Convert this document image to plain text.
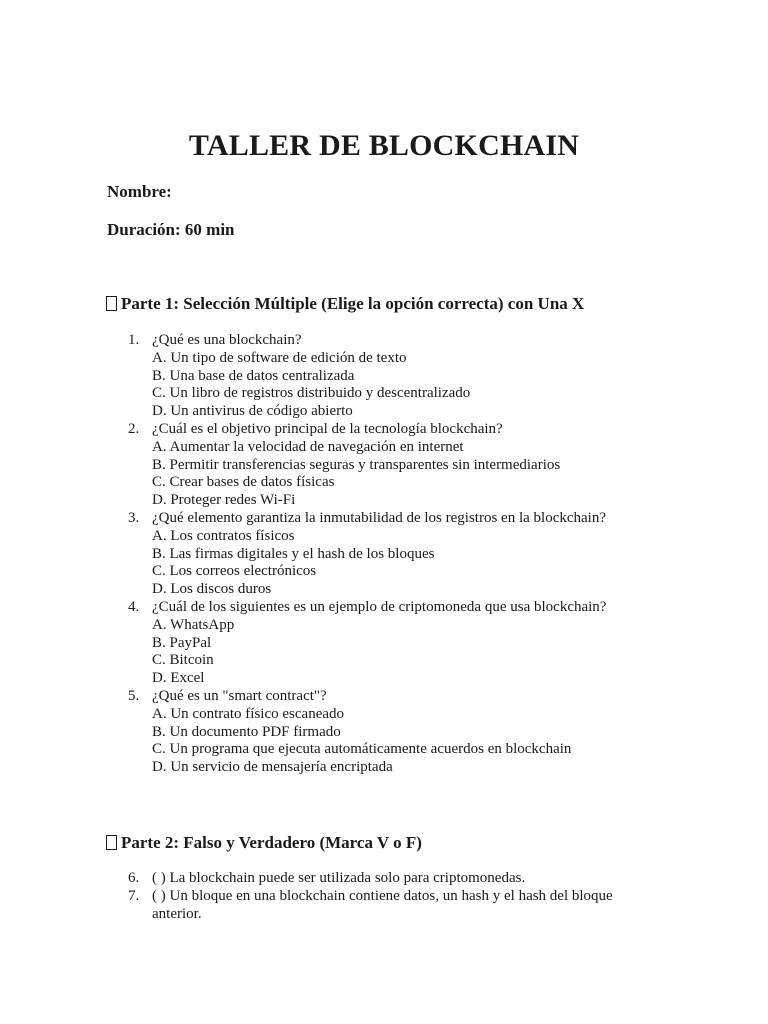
TALLER DE BLOCKCHAIN
Nombre:
Duración: 60 min
Parte 1: Selección Múltiple (Elige la opción correcta) con Una X
1. ¿Qué es una blockchain?
A. Un tipo de software de edición de texto
B. Una base de datos centralizada
C. Un libro de registros distribuido y descentralizado
D. Un antivirus de código abierto
2. ¿Cuál es el objetivo principal de la tecnología blockchain?
A. Aumentar la velocidad de navegación en internet
B. Permitir transferencias seguras y transparentes sin intermediarios
C. Crear bases de datos físicas
D. Proteger redes Wi-Fi
3. ¿Qué elemento garantiza la inmutabilidad de los registros en la blockchain?
A. Los contratos físicos
B. Las firmas digitales y el hash de los bloques
C. Los correos electrónicos
D. Los discos duros
4. ¿Cuál de los siguientes es un ejemplo de criptomoneda que usa blockchain?
A. WhatsApp
B. PayPal
C. Bitcoin
D. Excel
5. ¿Qué es un "smart contract"?
A. Un contrato físico escaneado
B. Un documento PDF firmado
C. Un programa que ejecuta automáticamente acuerdos en blockchain
D. Un servicio de mensajería encriptada
Parte 2: Falso y Verdadero (Marca V o F)
6. ( ) La blockchain puede ser utilizada solo para criptomonedas.
7. ( ) Un bloque en una blockchain contiene datos, un hash y el hash del bloque anterior.
